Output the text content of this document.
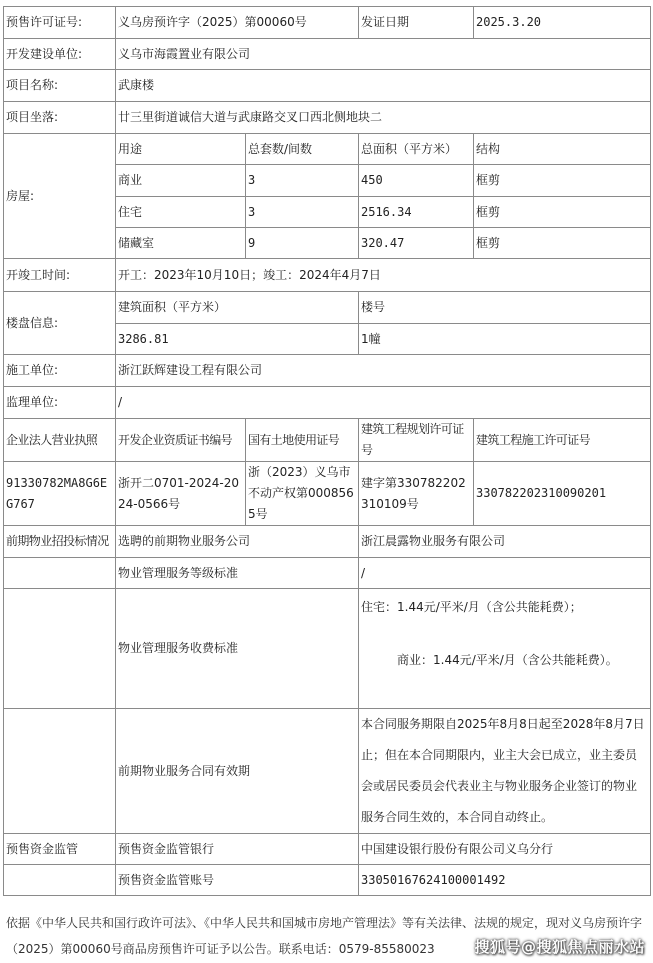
预售许可证号:	义乌房预许字（2025）第00060号		发证日期	2025.3.20
开发建设单位:	义乌市海霞置业有限公司			
项目名称:	武康楼			
项目坐落:	廿三里街道诚信大道与武康路交叉口西北侧地块二			
房屋:	用途	总套数/间数	总面积（平方米）	结构
	商业	3	450	框剪
	住宅	3	2516.34	框剪
	储藏室	9	320.47	框剪
开竣工时间:	开工：2023年10月10日；竣工：2024年4月7日			
楼盘信息:	建筑面积（平方米）		楼号	
	3286.81		1幢	
施工单位:	浙江跃辉建设工程有限公司			
监理单位:	/			
企业法人营业执照	开发企业资质证书编号	国有土地使用证号	建筑工程规划许可证号	建筑工程施工许可证号
91330782MA8G6EG767	浙开二0701-2024-2024-0566号	浙（2023）义乌市不动产权第0008565号	建字第330782202310109号	330782202310090201
前期物业招投标情况	选聘的前期物业服务公司		浙江晨露物业服务有限公司	
	物业管理服务等级标准		/	
	物业管理服务收费标准		住宅：1.44元/平米/月（含公共能耗费）；
商业：1.44元/平米/月（含公共能耗费）。	

	前期物业服务合同有效期		本合同服务期限自2025年8月8日起至2028年8月7日止；但在本合同期限内，业主大会已成立，业主委员会或居民委员会代表业主与物业服务企业签订的物业服务合同生效的，本合同自动终止。	
预售资金监管	预售资金监管银行		中国建设银行股份有限公司义乌分行	
	预售资金监管账号		33050167624100001492	
依据《中华人民共和国行政许可法》、《中华人民共和国城市房地产管理法》等有关法律、法规的规定，现对义乌房预许字（2025）第00060号商品房预售许可证予以公告。联系电话：0579-85580023	搜狐号@搜狐焦点丽水站
